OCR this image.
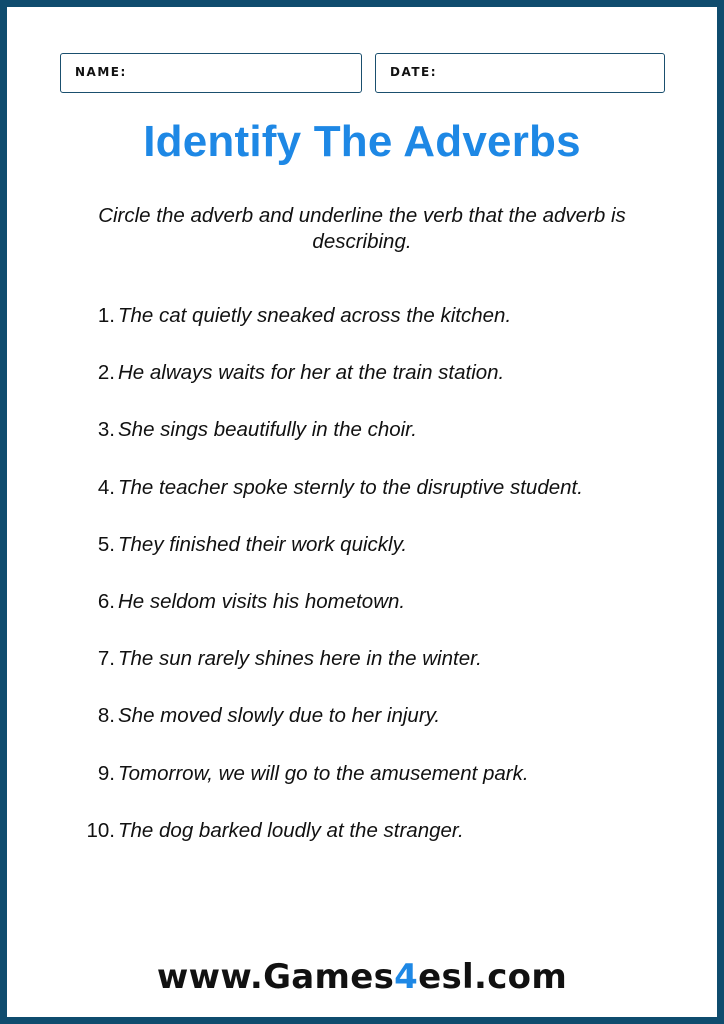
NAME:	DATE:
Identify The Adverbs
Circle the adverb and underline the verb that the adverb is describing.
1. The cat quietly sneaked across the kitchen.
2. He always waits for her at the train station.
3. She sings beautifully in the choir.
4. The teacher spoke sternly to the disruptive student.
5. They finished their work quickly.
6. He seldom visits his hometown.
7. The sun rarely shines here in the winter.
8. She moved slowly due to her injury.
9. Tomorrow, we will go to the amusement park.
10. The dog barked loudly at the stranger.
www.Games4esl.com
